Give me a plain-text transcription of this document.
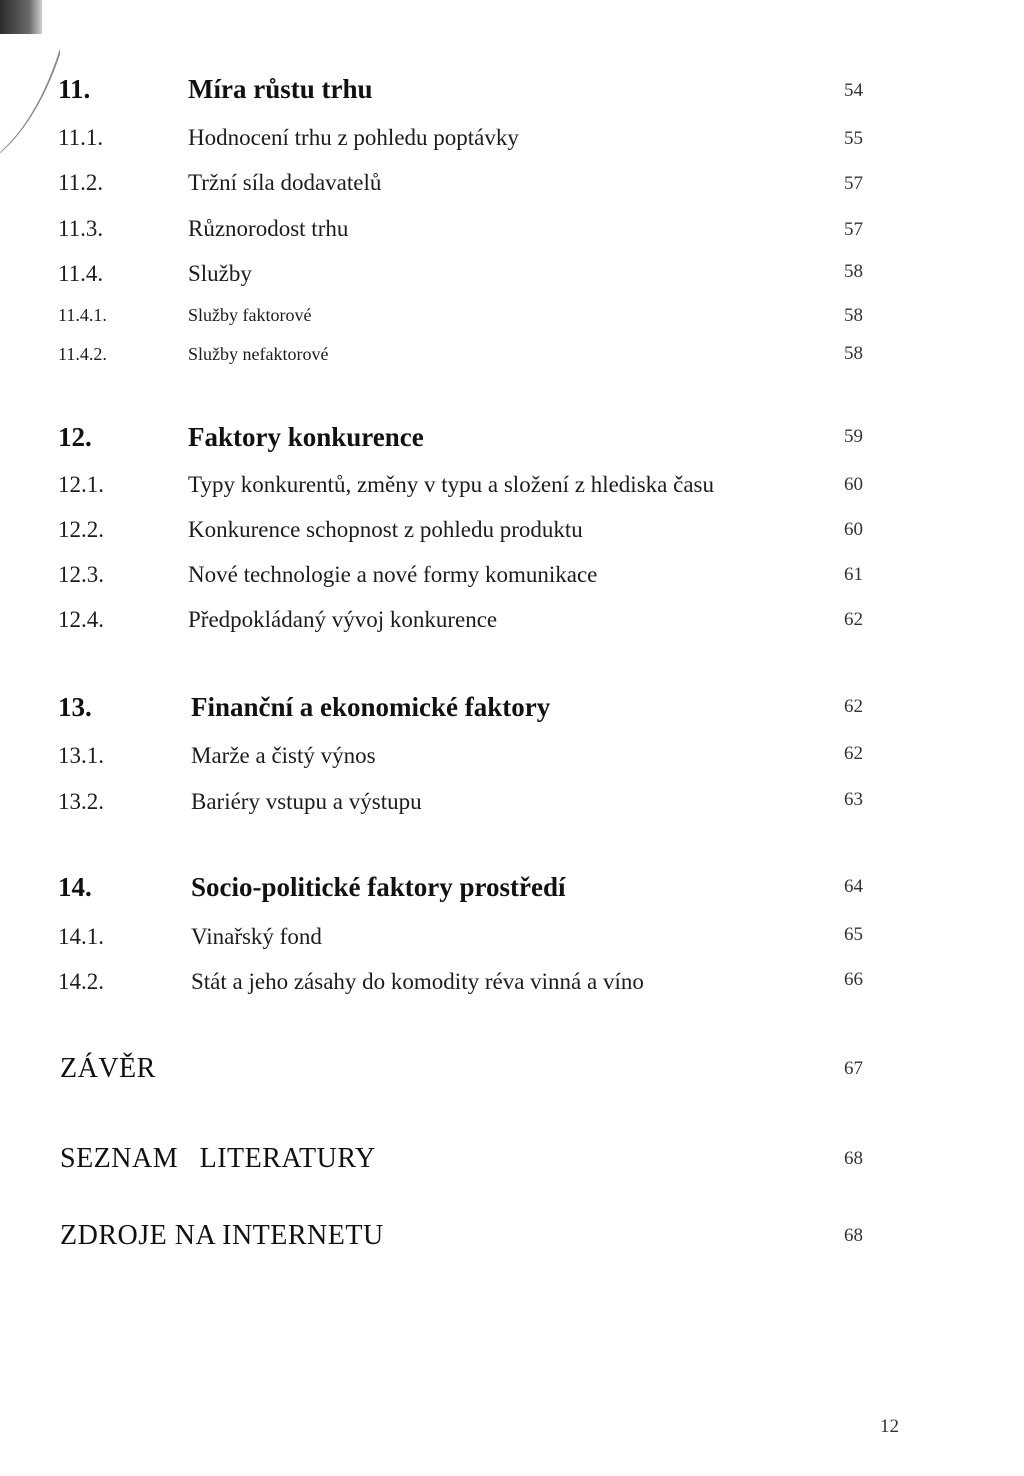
11.	Míra růstu trhu	54
11.1.	Hodnocení trhu z pohledu poptávky	55
11.2.	Tržní síla dodavatelů	57
11.3.	Různorodost trhu	57
11.4.	Služby	58
11.4.1.	Služby faktorové	58
11.4.2.	Služby nefaktorové	58
12.	Faktory konkurence	59
12.1.	Typy konkurentů, změny v typu a složení z hlediska času	60
12.2.	Konkurence schopnost z pohledu produktu	60
12.3.	Nové technologie a nové formy komunikace	61
12.4.	Předpokládaný vývoj konkurence	62
13.	Finanční a ekonomické faktory	62
13.1.	Marže a čistý výnos	62
13.2.	Bariéry vstupu a výstupu	63
14.	Socio-politické faktory prostředí	64
14.1.	Vinařský fond	65
14.2.	Stát a jeho zásahy do komodity réva vinná a víno	66
ZÁVĚR	67
SEZNAM LITERATURY	68
ZDROJE NA INTERNETU	68
12
